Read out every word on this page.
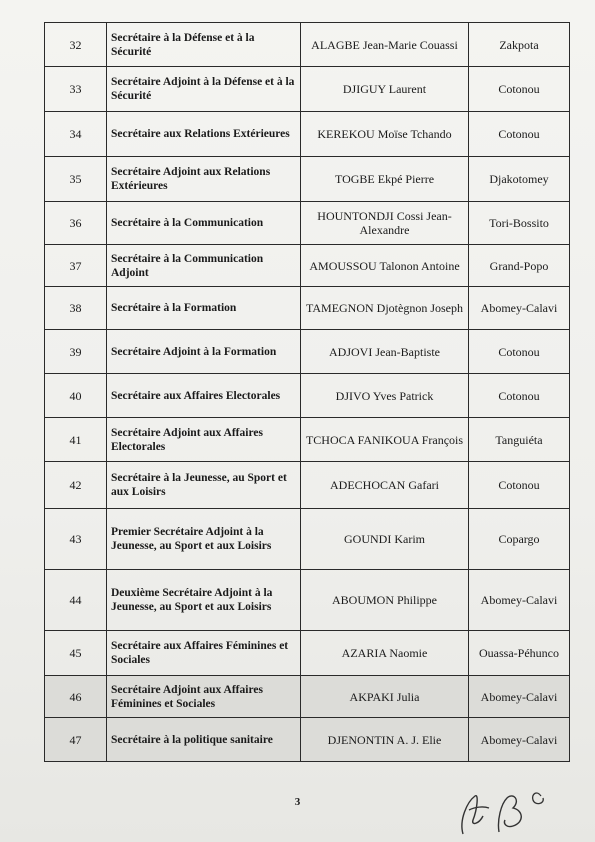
32	Secrétaire à la Défense et à la Sécurité	ALAGBE Jean-Marie Couassi	Zakpota
33	Secrétaire Adjoint à la Défense et à la Sécurité	DJIGUY Laurent	Cotonou
34	Secrétaire aux Relations Extérieures	KEREKOU Moïse Tchando	Cotonou
35	Secrétaire Adjoint aux Relations Extérieures	TOGBE Ekpé Pierre	Djakotomey
36	Secrétaire à la Communication	HOUNTONDJI Cossi Jean-Alexandre	Tori-Bossito
37	Secrétaire à la Communication Adjoint	AMOUSSOU Talonon Antoine	Grand-Popo
38	Secrétaire à la Formation	TAMEGNON Djotègnon Joseph	Abomey-Calavi
39	Secrétaire Adjoint à la Formation	ADJOVI Jean-Baptiste	Cotonou
40	Secrétaire aux Affaires Electorales	DJIVO Yves Patrick	Cotonou
41	Secrétaire Adjoint aux Affaires Electorales	TCHOCA FANIKOUA François	Tanguiéta
42	Secrétaire à la Jeunesse, au Sport et aux Loisirs	ADECHOCAN Gafari	Cotonou
43	Premier Secrétaire Adjoint à la Jeunesse, au Sport et aux Loisirs	GOUNDI Karim	Copargo
44	Deuxième Secrétaire Adjoint à la Jeunesse, au Sport et aux Loisirs	ABOUMON Philippe	Abomey-Calavi
45	Secrétaire aux Affaires Féminines et Sociales	AZARIA Naomie	Ouassa-Péhunco
46	Secrétaire Adjoint aux Affaires Féminines et Sociales	AKPAKI Julia	Abomey-Calavi
47	Secrétaire à la politique sanitaire	DJENONTIN A. J. Elie	Abomey-Calavi
3
